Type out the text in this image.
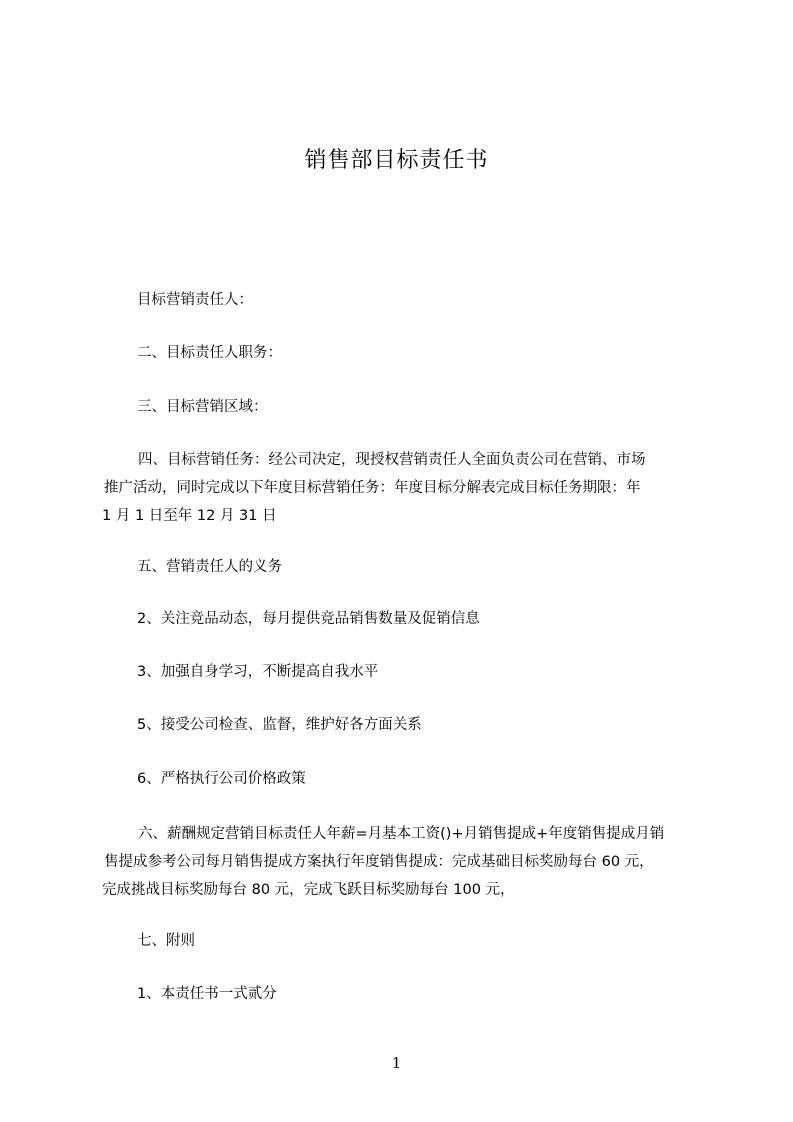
销售部目标责任书
目标营销责任人：
二、目标责任人职务：
三、目标营销区域：
四、目标营销任务：经公司决定，现授权营销责任人全面负责公司在营销、市场
推广活动，同时完成以下年度目标营销任务：年度目标分解表完成目标任务期限：年
1 月 1 日至年 12 月 31 日
五、营销责任人的义务
2、关注竞品动态，每月提供竞品销售数量及促销信息
3、加强自身学习，不断提高自我水平
5、接受公司检查、监督，维护好各方面关系
6、严格执行公司价格政策
六、薪酬规定营销目标责任人年薪=月基本工资()+月销售提成+年度销售提成月销
售提成参考公司每月销售提成方案执行年度销售提成：完成基础目标奖励每台 60 元，
完成挑战目标奖励每台 80 元，完成飞跃目标奖励每台 100 元，
七、附则
1、本责任书一式贰分
1
